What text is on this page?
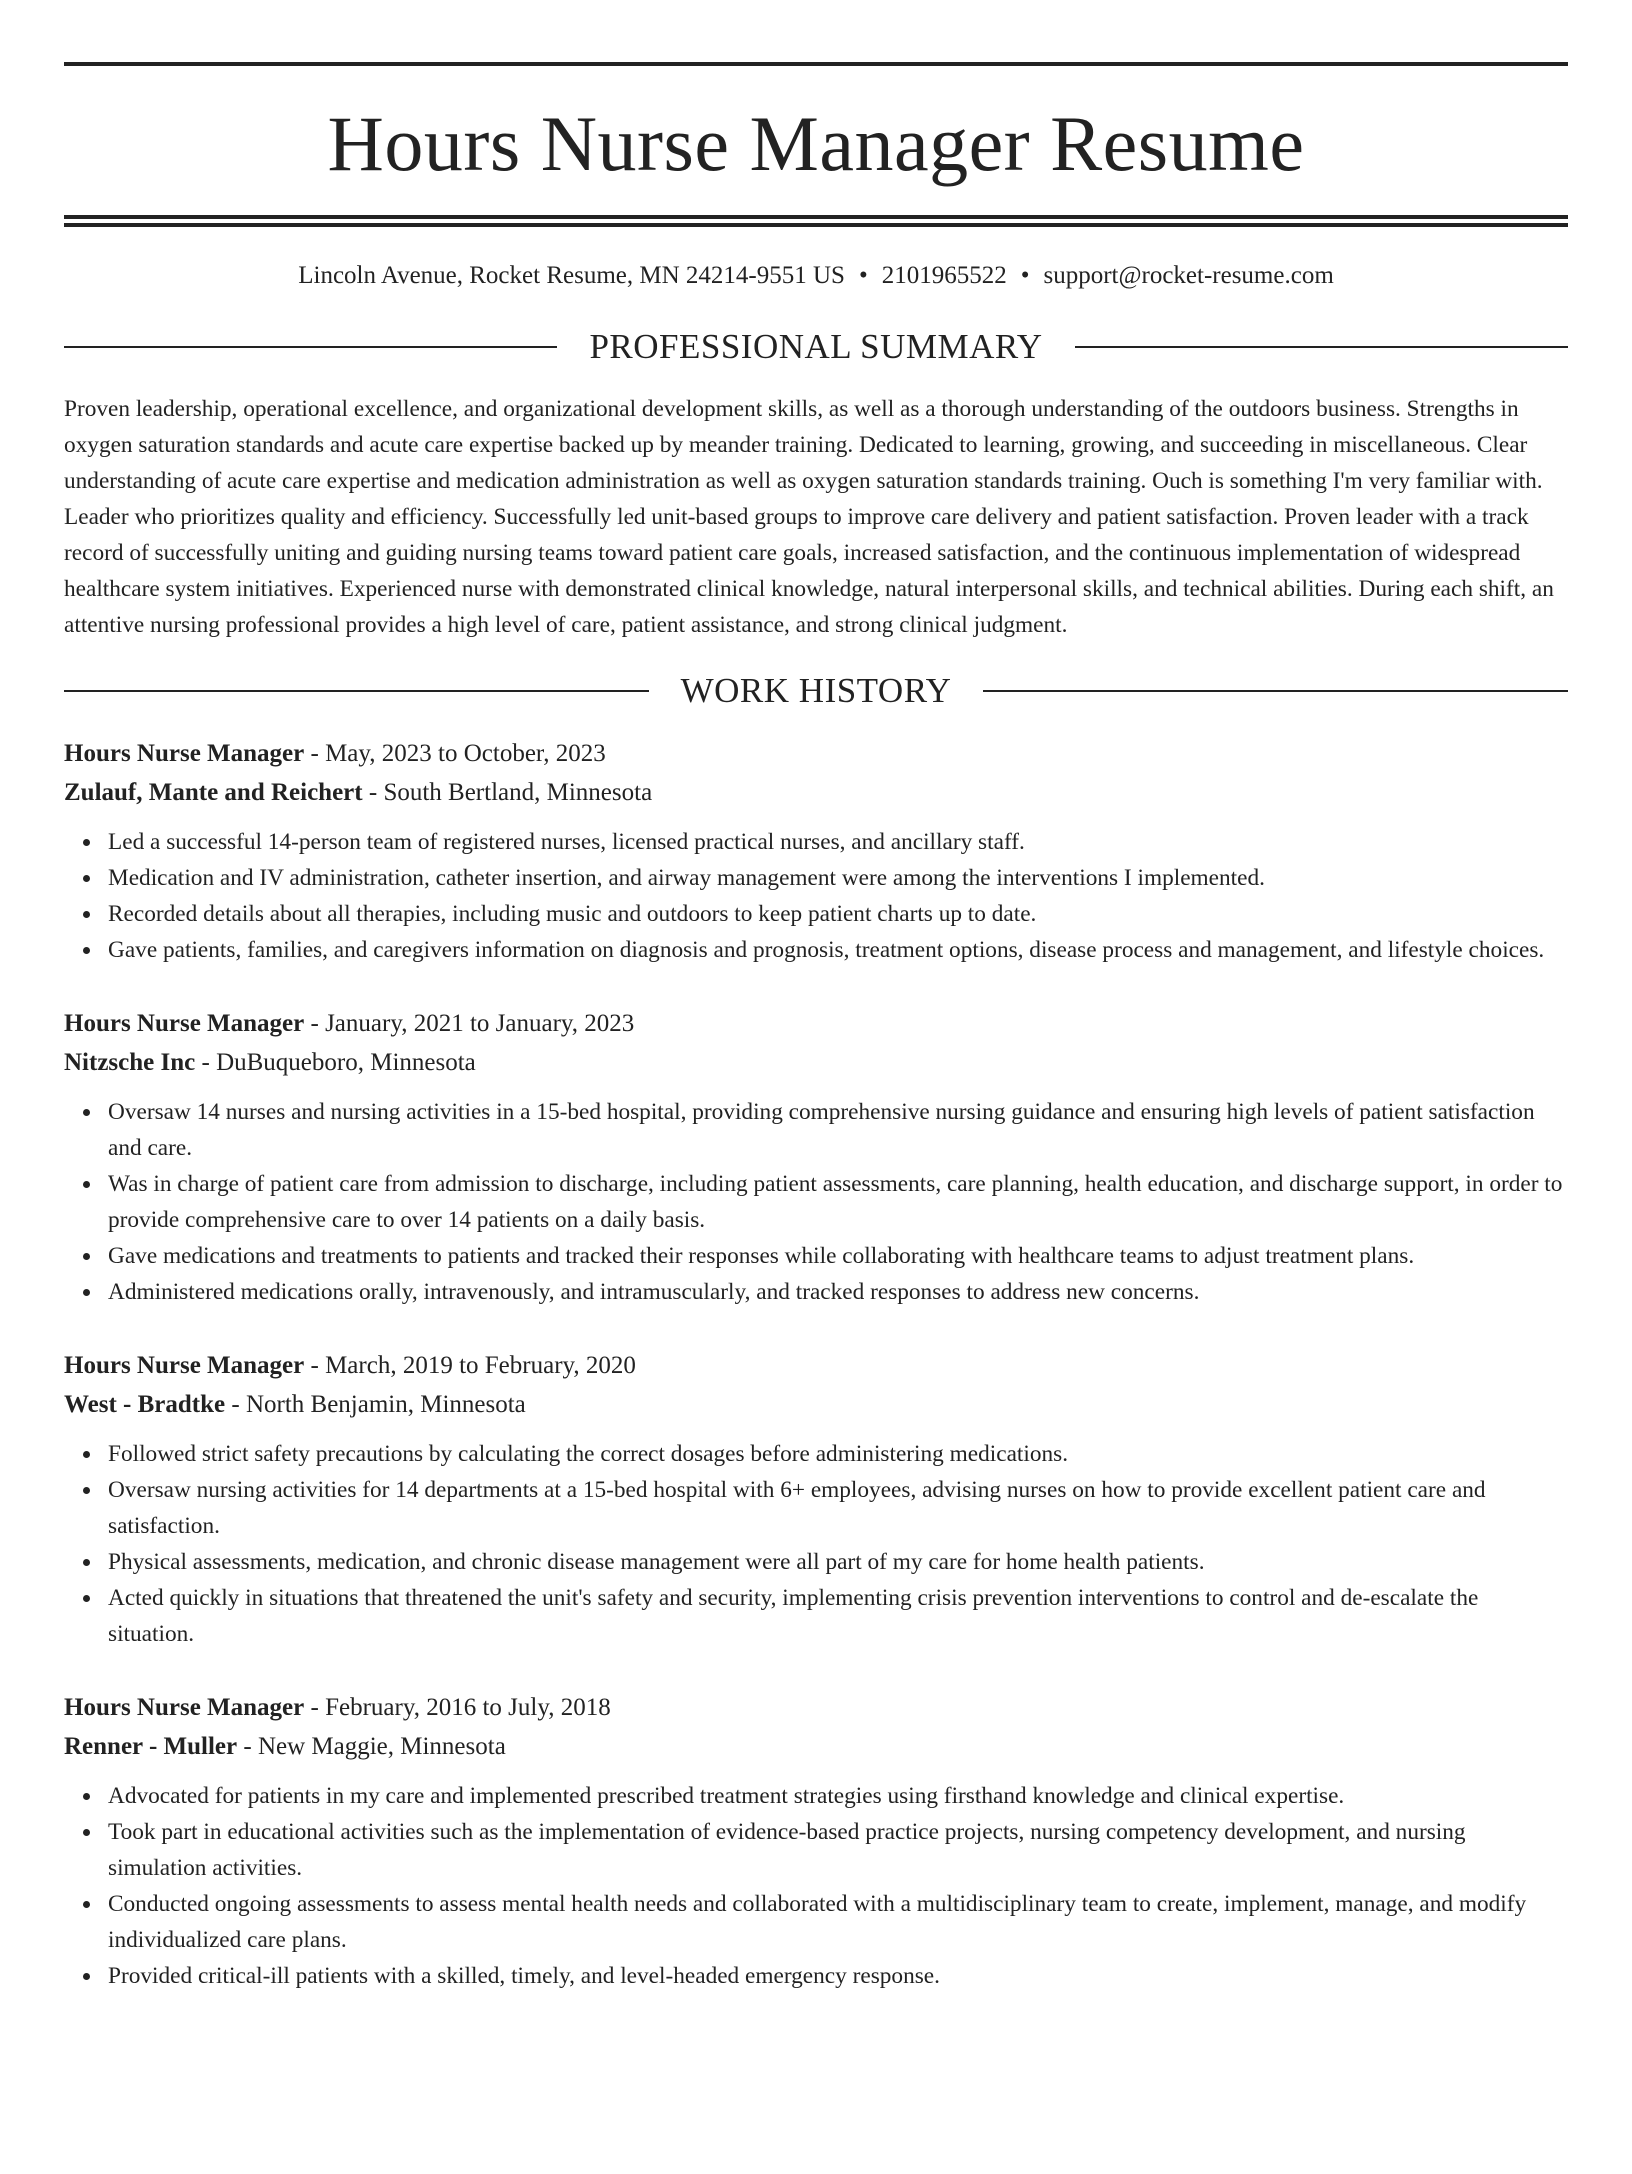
Hours Nurse Manager Resume
Lincoln Avenue, Rocket Resume, MN 24214-9551 US • 2101965522 • support@rocket-resume.com
PROFESSIONAL SUMMARY

Proven leadership, operational excellence, and organizational development skills, as well as a thorough understanding of the outdoors business. Strengths in oxygen saturation standards and acute care expertise backed up by meander training. Dedicated to learning, growing, and succeeding in miscellaneous. Clear understanding of acute care expertise and medication administration as well as oxygen saturation standards training. Ouch is something I'm very familiar with. Leader who prioritizes quality and efficiency. Successfully led unit-based groups to improve care delivery and patient satisfaction. Proven leader with a track record of successfully uniting and guiding nursing teams toward patient care goals, increased satisfaction, and the continuous implementation of widespread healthcare system initiatives. Experienced nurse with demonstrated clinical knowledge, natural interpersonal skills, and technical abilities. During each shift, an attentive nursing professional provides a high level of care, patient assistance, and strong clinical judgment.

WORK HISTORY
Hours Nurse Manager - May, 2023 to October, 2023
Zulauf, Mante and Reichert - South Bertland, Minnesota
Led a successful 14-person team of registered nurses, licensed practical nurses, and ancillary staff.
Medication and IV administration, catheter insertion, and airway management were among the interventions I implemented.
Recorded details about all therapies, including music and outdoors to keep patient charts up to date.
Gave patients, families, and caregivers information on diagnosis and prognosis, treatment options, disease process and management, and lifestyle choices.
Hours Nurse Manager - January, 2021 to January, 2023
Nitzsche Inc - DuBuqueboro, Minnesota
Oversaw 14 nurses and nursing activities in a 15-bed hospital, providing comprehensive nursing guidance and ensuring high levels of patient satisfaction and care.
Was in charge of patient care from admission to discharge, including patient assessments, care planning, health education, and discharge support, in order to provide comprehensive care to over 14 patients on a daily basis.
Gave medications and treatments to patients and tracked their responses while collaborating with healthcare teams to adjust treatment plans.
Administered medications orally, intravenously, and intramuscularly, and tracked responses to address new concerns.
Hours Nurse Manager - March, 2019 to February, 2020
West - Bradtke - North Benjamin, Minnesota
Followed strict safety precautions by calculating the correct dosages before administering medications.
Oversaw nursing activities for 14 departments at a 15-bed hospital with 6+ employees, advising nurses on how to provide excellent patient care and satisfaction.
Physical assessments, medication, and chronic disease management were all part of my care for home health patients.
Acted quickly in situations that threatened the unit's safety and security, implementing crisis prevention interventions to control and de-escalate the situation.
Hours Nurse Manager - February, 2016 to July, 2018
Renner - Muller - New Maggie, Minnesota
Advocated for patients in my care and implemented prescribed treatment strategies using firsthand knowledge and clinical expertise.
Took part in educational activities such as the implementation of evidence-based practice projects, nursing competency development, and nursing simulation activities.
Conducted ongoing assessments to assess mental health needs and collaborated with a multidisciplinary team to create, implement, manage, and modify individualized care plans.
Provided critical-ill patients with a skilled, timely, and level-headed emergency response.
